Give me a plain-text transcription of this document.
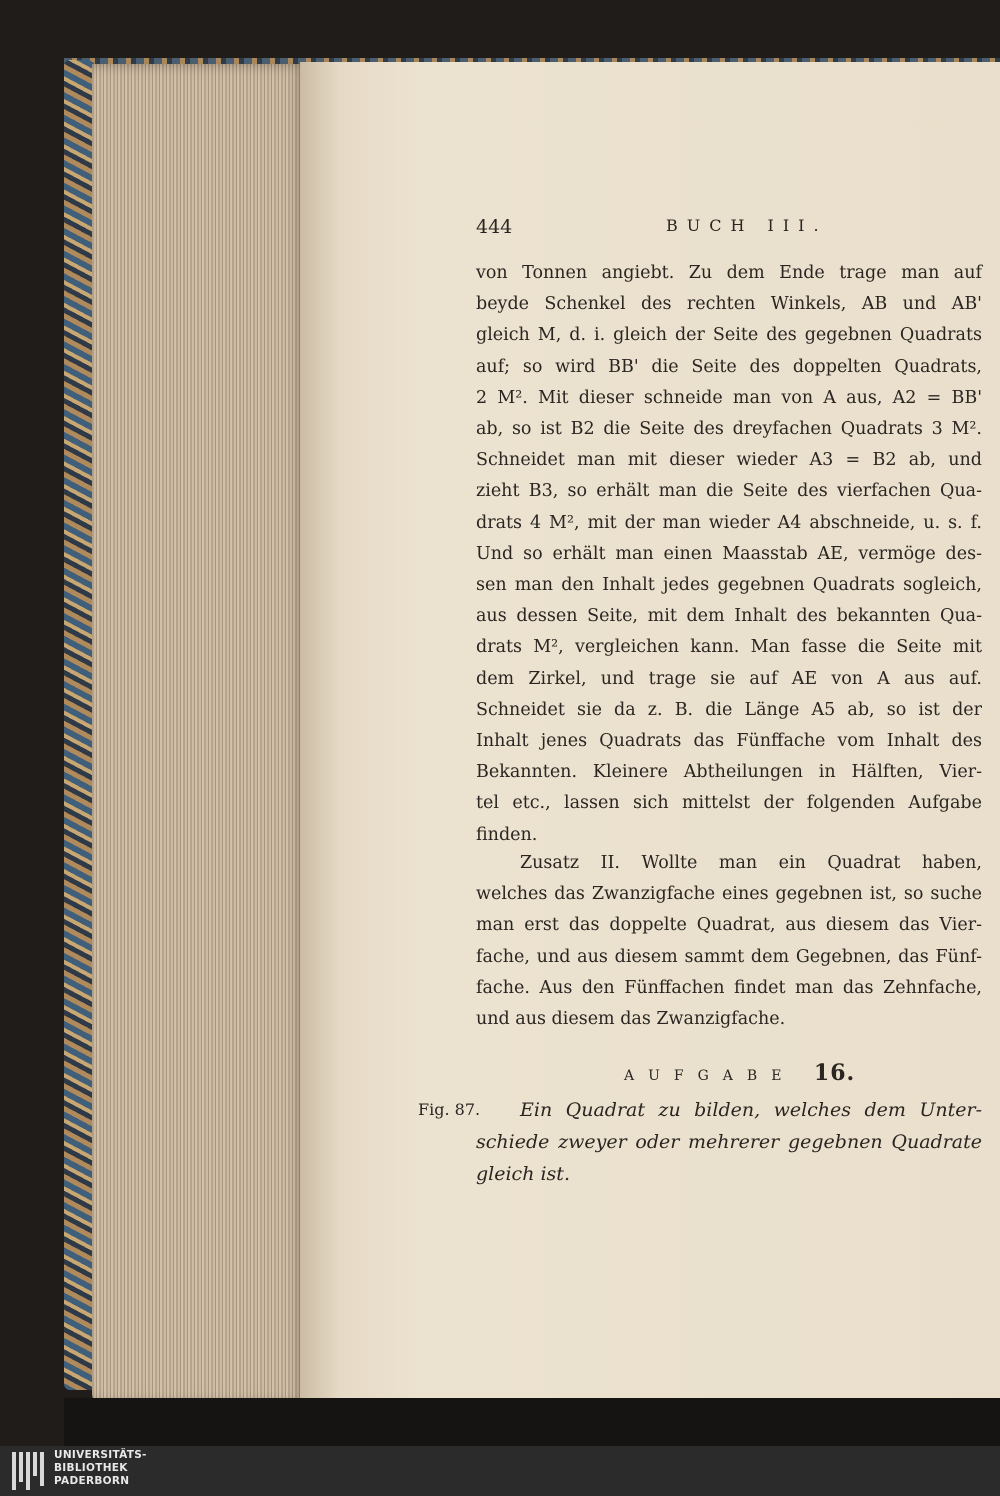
444	BUCH III.
von Tonnen angiebt. Zu dem Ende trage man auf
beyde Schenkel des rechten Winkels, AB und AB'
gleich M, d. i. gleich der Seite des gegebnen Quadrats
auf; so wird BB' die Seite des doppelten Quadrats,
2 M². Mit dieser schneide man von A aus, A2 = BB'
ab, so ist B2 die Seite des dreyfachen Quadrats 3 M².
Schneidet man mit dieser wieder A3 = B2 ab, und
zieht B3, so erhält man die Seite des vierfachen Qua-
drats 4 M², mit der man wieder A4 abschneide, u. s. f.
Und so erhält man einen Maasstab AE, vermöge des-
sen man den Inhalt jedes gegebnen Quadrats sogleich,
aus dessen Seite, mit dem Inhalt des bekannten Qua-
drats M², vergleichen kann. Man fasse die Seite mit
dem Zirkel, und trage sie auf AE von A aus auf.
Schneidet sie da z. B. die Länge A5 ab, so ist der
Inhalt jenes Quadrats das Fünffache vom Inhalt des
Bekannten. Kleinere Abtheilungen in Hälften, Vier-
tel etc., lassen sich mittelst der folgenden Aufgabe
finden.
Zusatz II. Wollte man ein Quadrat haben,
welches das Zwanzigfache eines gegebnen ist, so suche
man erst das doppelte Quadrat, aus diesem das Vier-
fache, und aus diesem sammt dem Gegebnen, das Fünf-
fache. Aus den Fünffachen findet man das Zehnfache,
und aus diesem das Zwanzigfache.
AUFGABE 16.
Ein Quadrat zu bilden, welches dem Unter-
schiede zweyer oder mehrerer gegebnen Quadrate
gleich ist.
Fig. 87.
UNIVERSITÄTS-
BIBLIOTHEK
PADERBORN
